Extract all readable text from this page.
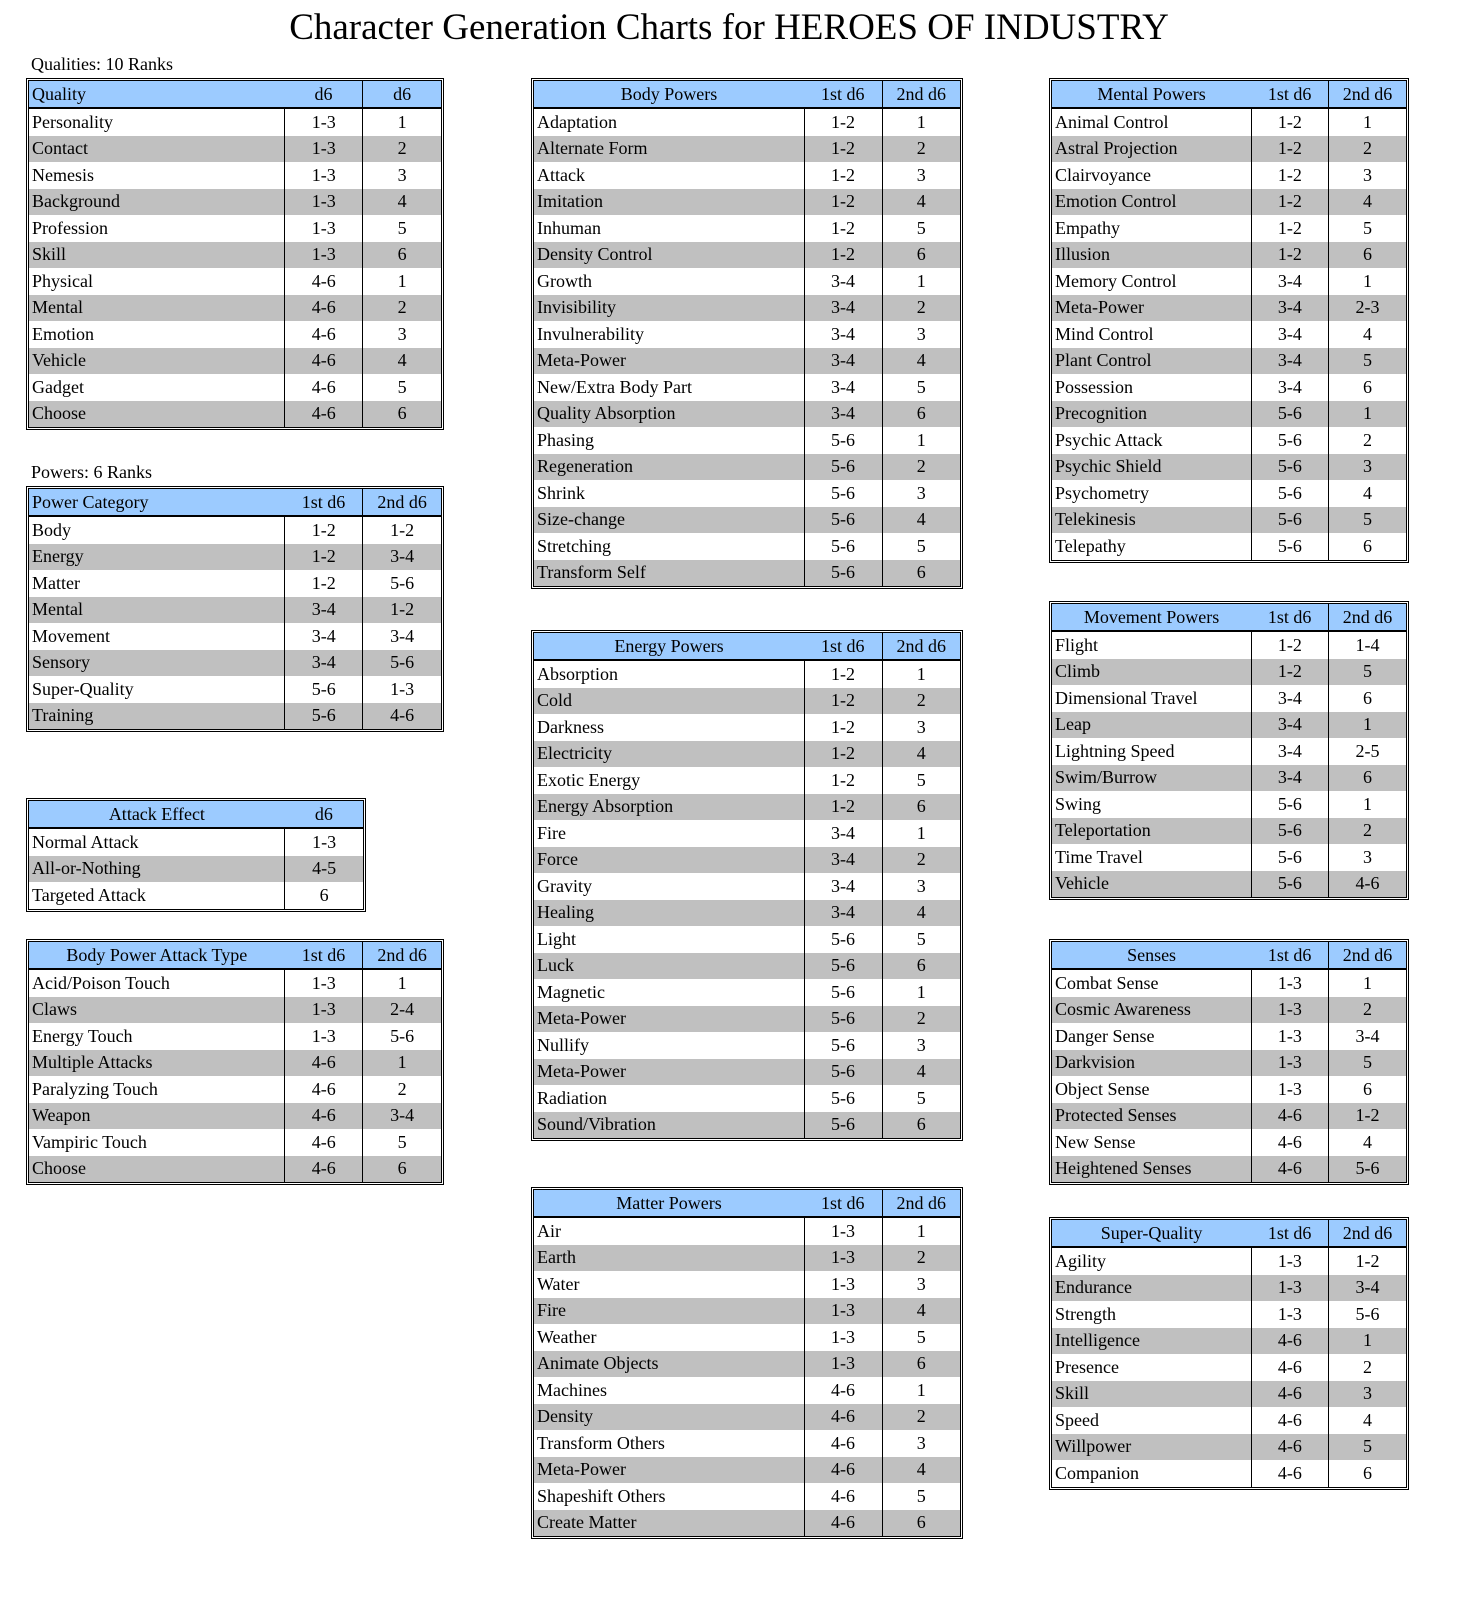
Character Generation Charts for HEROES OF INDUSTRY
Qualities: 10 Ranks
Powers: 6 Ranks
Quality	d6	d6
Personality	1-3	1
Contact	1-3	2
Nemesis	1-3	3
Background	1-3	4
Profession	1-3	5
Skill	1-3	6
Physical	4-6	1
Mental	4-6	2
Emotion	4-6	3
Vehicle	4-6	4
Gadget	4-6	5
Choose	4-6	6
Power Category	1st d6	2nd d6
Body	1-2	1-2
Energy	1-2	3-4
Matter	1-2	5-6
Mental	3-4	1-2
Movement	3-4	3-4
Sensory	3-4	5-6
Super-Quality	5-6	1-3
Training	5-6	4-6
Attack Effect	d6
Normal Attack	1-3
All-or-Nothing	4-5
Targeted Attack	6
Body Power Attack Type	1st d6	2nd d6
Acid/Poison Touch	1-3	1
Claws	1-3	2-4
Energy Touch	1-3	5-6
Multiple Attacks	4-6	1
Paralyzing Touch	4-6	2
Weapon	4-6	3-4
Vampiric Touch	4-6	5
Choose	4-6	6
Body Powers	1st d6	2nd d6
Adaptation	1-2	1
Alternate Form	1-2	2
Attack	1-2	3
Imitation	1-2	4
Inhuman	1-2	5
Density Control	1-2	6
Growth	3-4	1
Invisibility	3-4	2
Invulnerability	3-4	3
Meta-Power	3-4	4
New/Extra Body Part	3-4	5
Quality Absorption	3-4	6
Phasing	5-6	1
Regeneration	5-6	2
Shrink	5-6	3
Size-change	5-6	4
Stretching	5-6	5
Transform Self	5-6	6
Energy Powers	1st d6	2nd d6
Absorption	1-2	1
Cold	1-2	2
Darkness	1-2	3
Electricity	1-2	4
Exotic Energy	1-2	5
Energy Absorption	1-2	6
Fire	3-4	1
Force	3-4	2
Gravity	3-4	3
Healing	3-4	4
Light	5-6	5
Luck	5-6	6
Magnetic	5-6	1
Meta-Power	5-6	2
Nullify	5-6	3
Meta-Power	5-6	4
Radiation	5-6	5
Sound/Vibration	5-6	6
Matter Powers	1st d6	2nd d6
Air	1-3	1
Earth	1-3	2
Water	1-3	3
Fire	1-3	4
Weather	1-3	5
Animate Objects	1-3	6
Machines	4-6	1
Density	4-6	2
Transform Others	4-6	3
Meta-Power	4-6	4
Shapeshift Others	4-6	5
Create Matter	4-6	6
Mental Powers	1st d6	2nd d6
Animal Control	1-2	1
Astral Projection	1-2	2
Clairvoyance	1-2	3
Emotion Control	1-2	4
Empathy	1-2	5
Illusion	1-2	6
Memory Control	3-4	1
Meta-Power	3-4	2-3
Mind Control	3-4	4
Plant Control	3-4	5
Possession	3-4	6
Precognition	5-6	1
Psychic Attack	5-6	2
Psychic Shield	5-6	3
Psychometry	5-6	4
Telekinesis	5-6	5
Telepathy	5-6	6
Movement Powers	1st d6	2nd d6
Flight	1-2	1-4
Climb	1-2	5
Dimensional Travel	3-4	6
Leap	3-4	1
Lightning Speed	3-4	2-5
Swim/Burrow	3-4	6
Swing	5-6	1
Teleportation	5-6	2
Time Travel	5-6	3
Vehicle	5-6	4-6
Senses	1st d6	2nd d6
Combat Sense	1-3	1
Cosmic Awareness	1-3	2
Danger Sense	1-3	3-4
Darkvision	1-3	5
Object Sense	1-3	6
Protected Senses	4-6	1-2
New Sense	4-6	4
Heightened Senses	4-6	5-6
Super-Quality	1st d6	2nd d6
Agility	1-3	1-2
Endurance	1-3	3-4
Strength	1-3	5-6
Intelligence	4-6	1
Presence	4-6	2
Skill	4-6	3
Speed	4-6	4
Willpower	4-6	5
Companion	4-6	6
